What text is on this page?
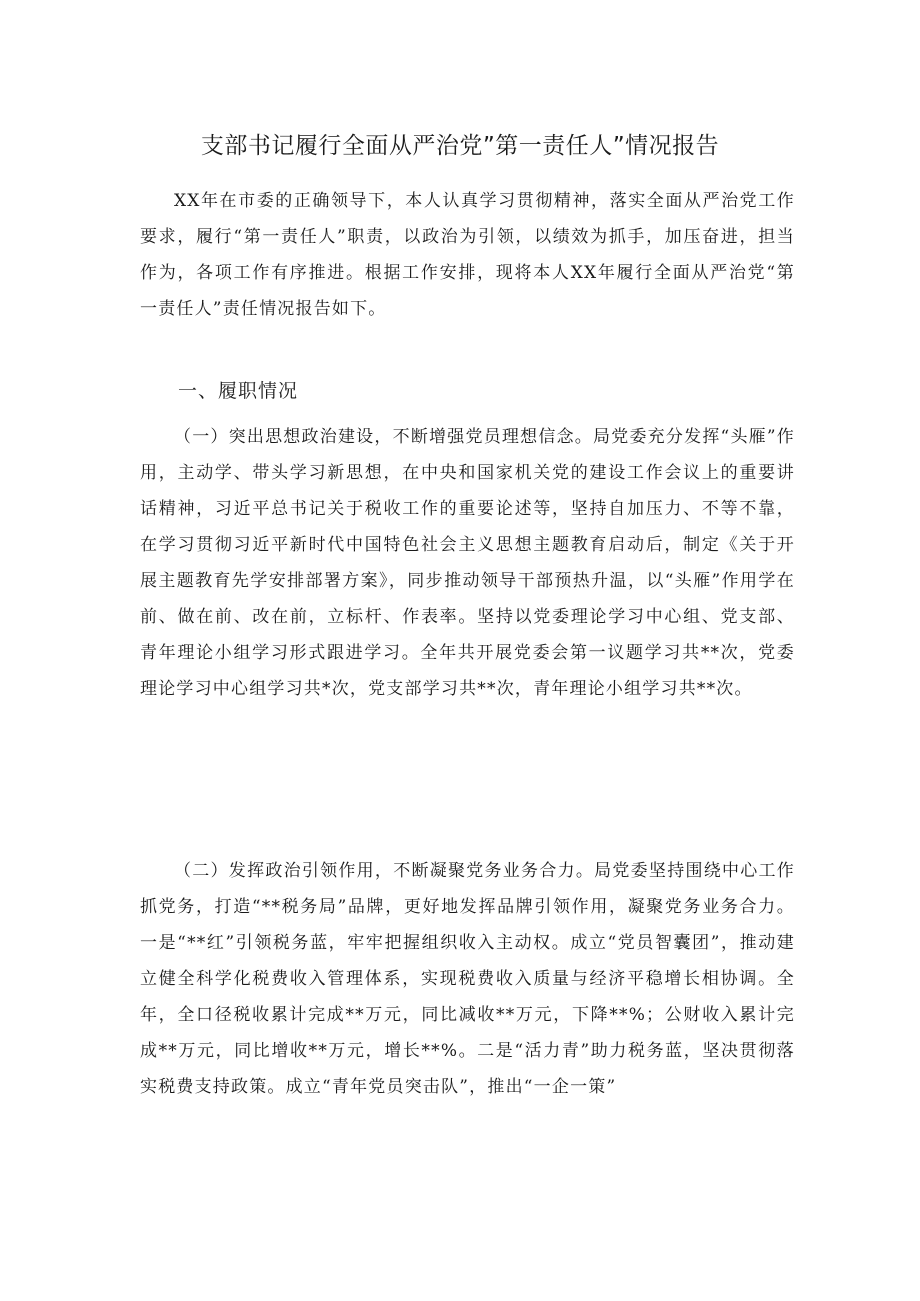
支部书记履行全面从严治党”第一责任人”情况报告

XX年在市委的正确领导下，本人认真学习贯彻精神，落实全面从严治党工作要求，履行“第一责任人”职责，以政治为引领，以绩效为抓手，加压奋进，担当作为，各项工作有序推进。根据工作安排，现将本人XX年履行全面从严治党“第一责任人”责任情况报告如下。

一、履职情况

（一）突出思想政治建设，不断增强党员理想信念。局党委充分发挥“头雁”作用，主动学、带头学习新思想，在中央和国家机关党的建设工作会议上的重要讲话精神，习近平总书记关于税收工作的重要论述等，坚持自加压力、不等不靠，在学习贯彻习近平新时代中国特色社会主义思想主题教育启动后，制定《关于开展主题教育先学安排部署方案》，同步推动领导干部预热升温，以“头雁”作用学在前、做在前、改在前，立标杆、作表率。坚持以党委理论学习中心组、党支部、青年理论小组学习形式跟进学习。全年共开展党委会第一议题学习共**次，党委理论学习中心组学习共*次，党支部学习共**次，青年理论小组学习共**次。

（二）发挥政治引领作用，不断凝聚党务业务合力。局党委坚持围绕中心工作抓党务，打造“**税务局”品牌，更好地发挥品牌引领作用，凝聚党务业务合力。一是“**红”引领税务蓝，牢牢把握组织收入主动权。成立“党员智囊团”，推动建立健全科学化税费收入管理体系，实现税费收入质量与经济平稳增长相协调。全年，全口径税收累计完成**万元，同比减收**万元，下降**%；公财收入累计完成**万元，同比增收**万元，增长**%。二是“活力青”助力税务蓝，坚决贯彻落实税费支持政策。成立“青年党员突击队”，推出“一企一策”
